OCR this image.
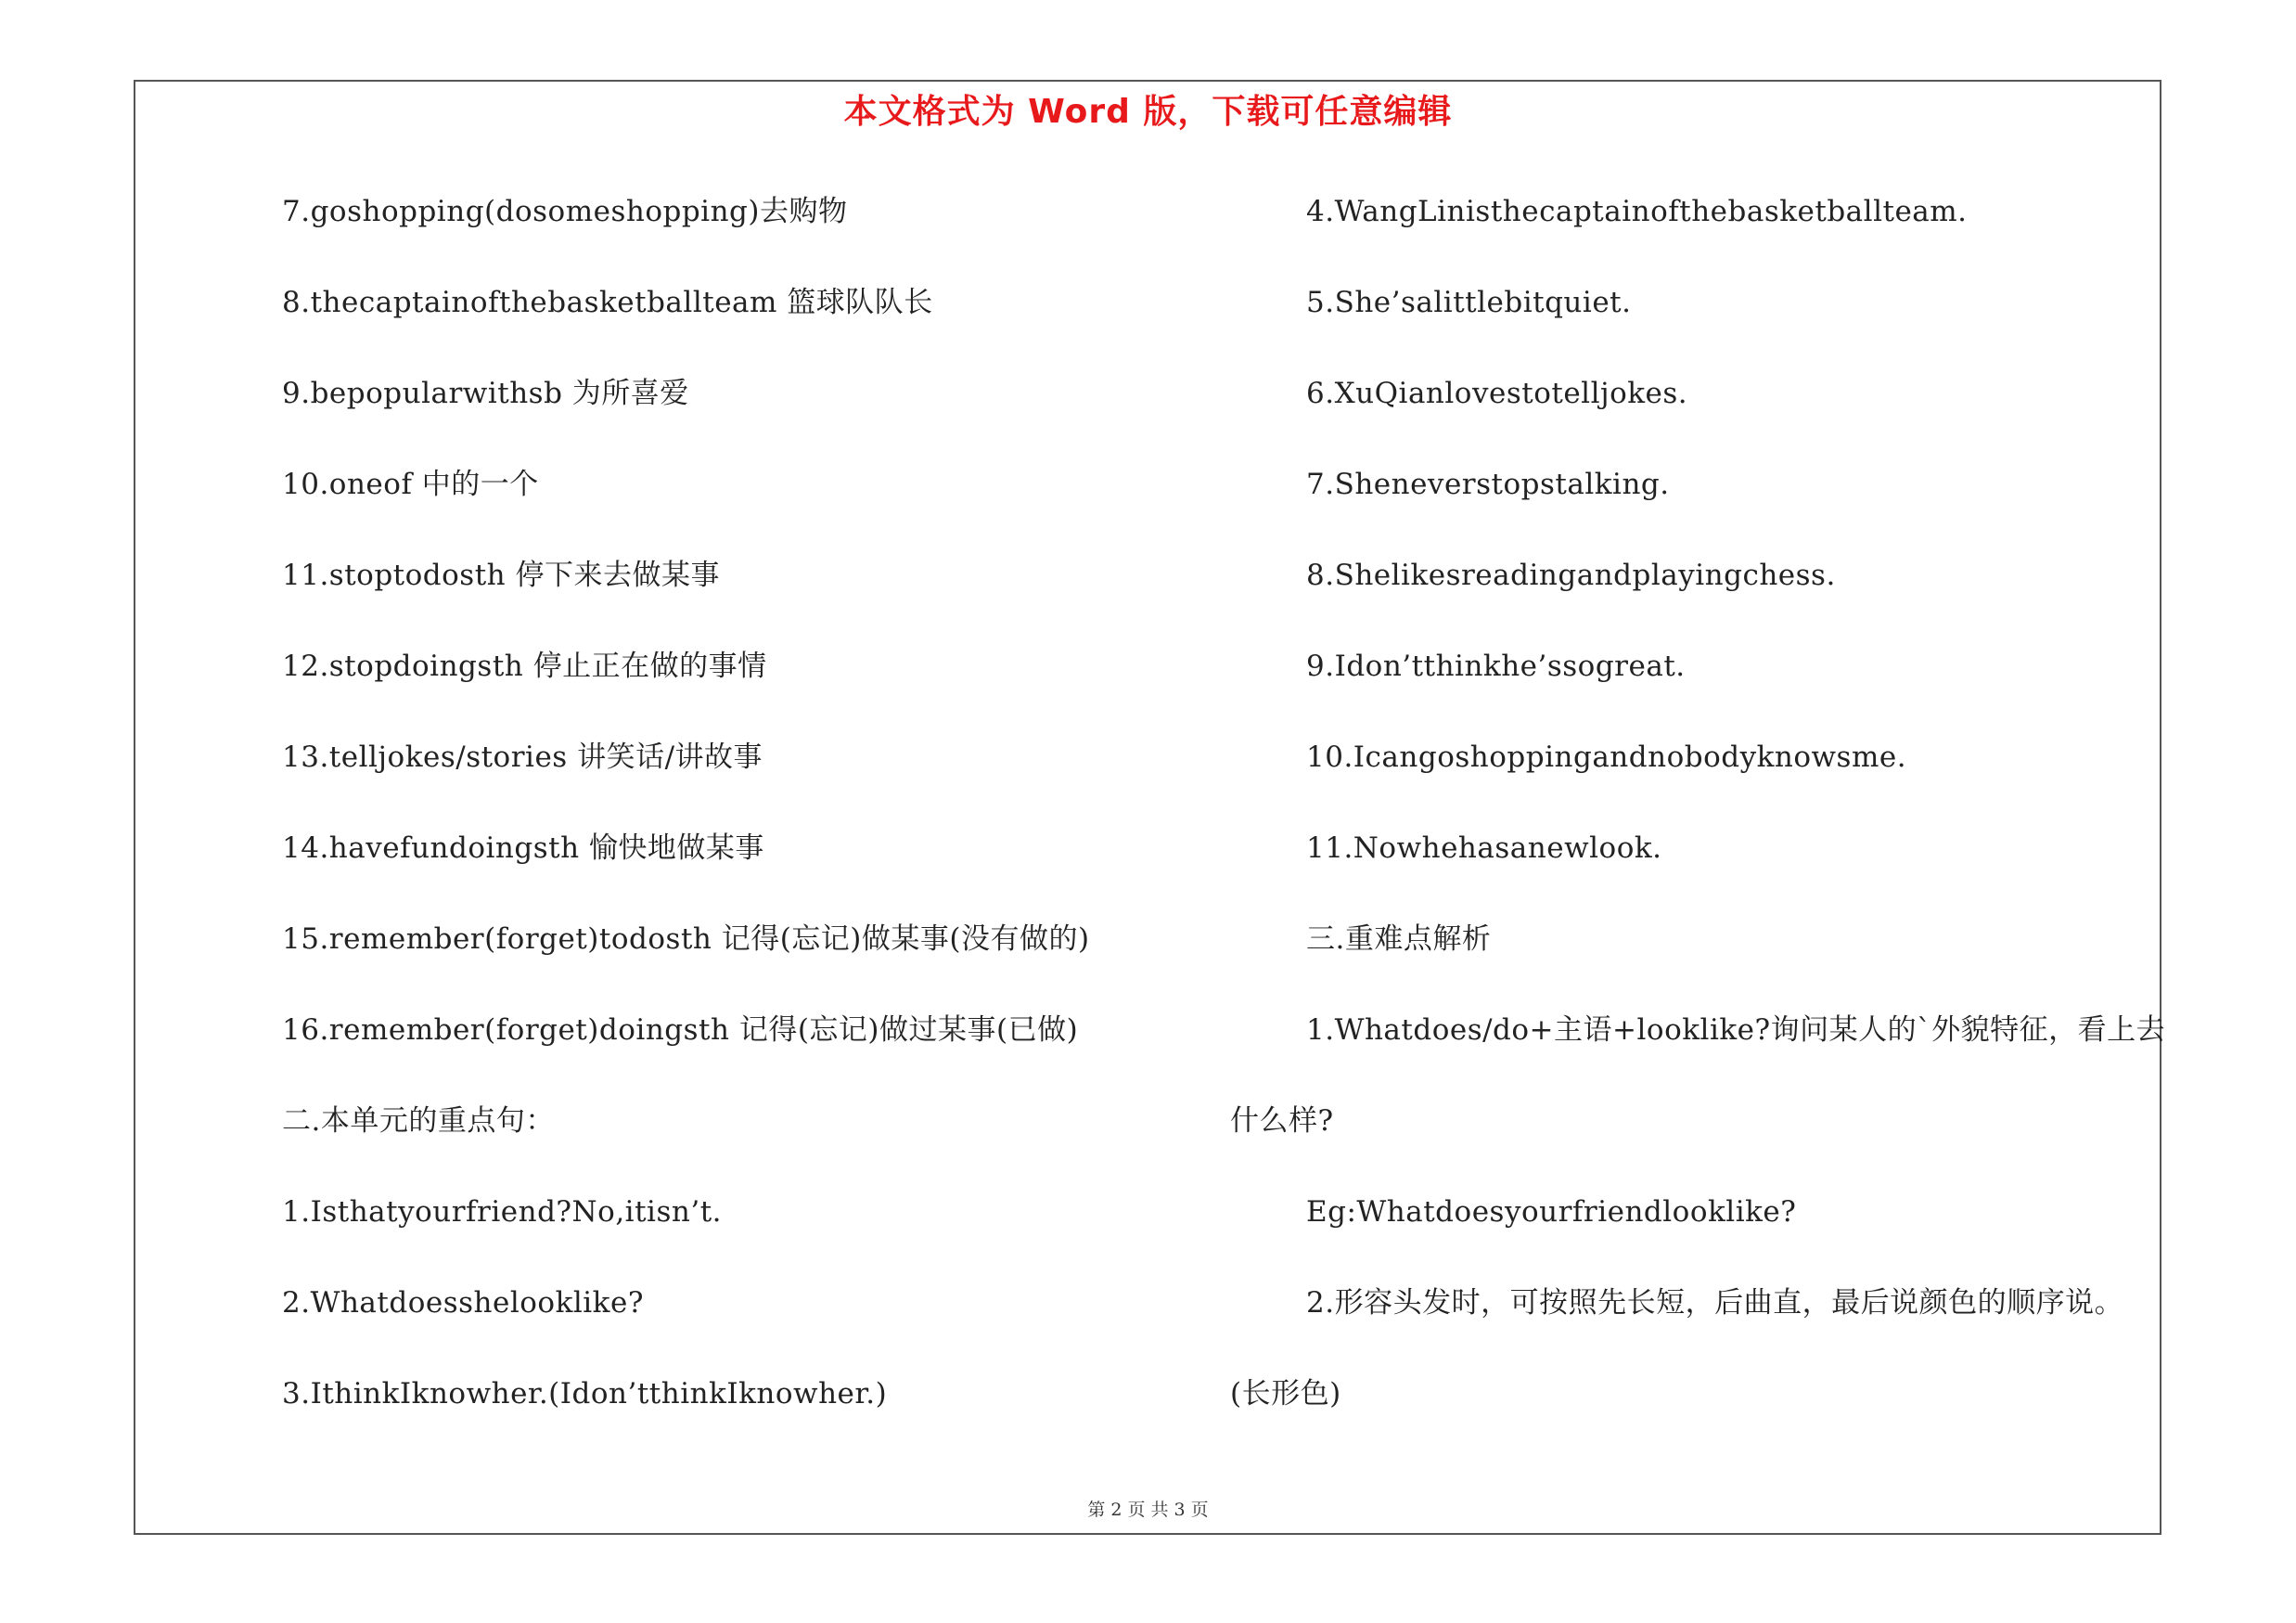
本文格式为 Word 版，下载可任意编辑
7.goshopping(dosomeshopping)去购物
8.thecaptainofthebasketballteam 篮球队队长
9.bepopularwithsb 为所喜爱
10.oneof 中的一个
11.stoptodosth 停下来去做某事
12.stopdoingsth 停止正在做的事情
13.telljokes/stories 讲笑话/讲故事
14.havefundoingsth 愉快地做某事
15.remember(forget)todosth 记得(忘记)做某事(没有做的)
16.remember(forget)doingsth 记得(忘记)做过某事(已做)
二.本单元的重点句：
1.Isthatyourfriend?No,itisn’t.
2.Whatdoesshelooklike?
3.IthinkIknowher.(Idon’tthinkIknowher.)
4.WangLinisthecaptainofthebasketballteam.
5.She’salittlebitquiet.
6.XuQianlovestotelljokes.
7.Sheneverstopstalking.
8.Shelikesreadingandplayingchess.
9.Idon’tthinkhe’ssogreat.
10.Icangoshoppingandnobodyknowsme.
11.Nowhehasanewlook.
三.重难点解析
1.Whatdoes/do+主语+looklike?询问某人的`外貌特征，看上去
什么样?
Eg:Whatdoesyourfriendlooklike?
2.形容头发时，可按照先长短，后曲直，最后说颜色的顺序说。
(长形色)
第 2 页 共 3 页
